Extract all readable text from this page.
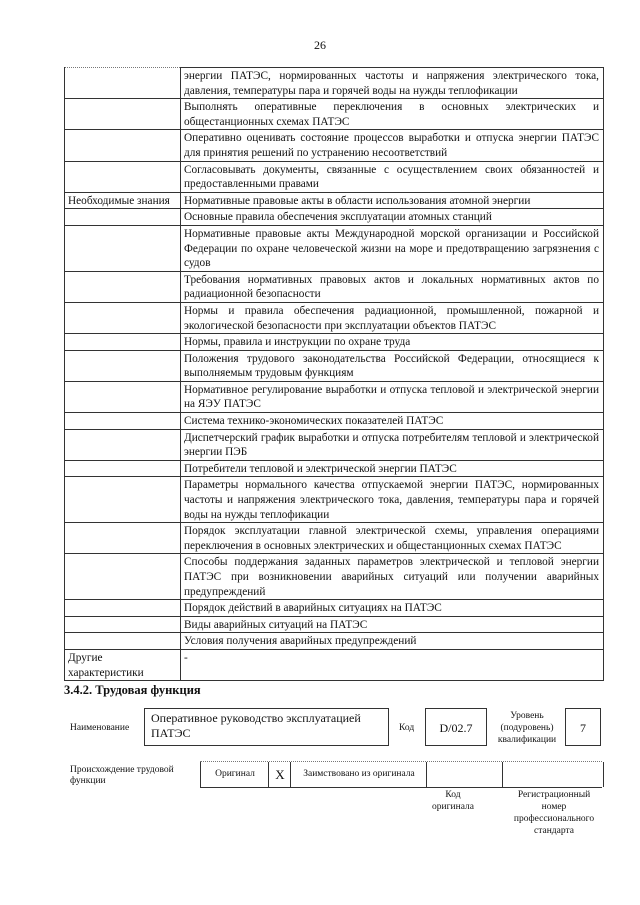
26
	энергии ПАТЭС, нормированных частоты и напряжения электрического тока, давления, температуры пара и горячей воды на нужды теплофикации
	Выполнять оперативные переключения в основных электрических и общестанционных схемах ПАТЭС
	Оперативно оценивать состояние процессов выработки и отпуска энергии ПАТЭС для принятия решений по устранению несоответствий
	Согласовывать документы, связанные с осуществлением своих обязанностей и предоставленными правами
Необходимые знания	Нормативные правовые акты в области использования атомной энергии
	Основные правила обеспечения эксплуатации атомных станций
	Нормативные правовые акты Международной морской организации и Российской Федерации по охране человеческой жизни на море и предотвращению загрязнения с судов
	Требования нормативных правовых актов и локальных нормативных актов по радиационной безопасности
	Нормы и правила обеспечения радиационной, промышленной, пожарной и экологической безопасности при эксплуатации объектов ПАТЭС
	Нормы, правила и инструкции по охране труда
	Положения трудового законодательства Российской Федерации, относящиеся к выполняемым трудовым функциям
	Нормативное регулирование выработки и отпуска тепловой и электрической энергии на ЯЭУ ПАТЭС
	Система технико-экономических показателей ПАТЭС
	Диспетчерский график выработки и отпуска потребителям тепловой и электрической энергии ПЭБ
	Потребители тепловой и электрической энергии ПАТЭС
	Параметры нормального качества отпускаемой энергии ПАТЭС, нормированных частоты и напряжения электрического тока, давления, температуры пара и горячей воды на нужды теплофикации
	Порядок эксплуатации главной электрической схемы, управления операциями переключения в основных электрических и общестанционных схемах ПАТЭС
	Способы поддержания заданных параметров электрической и тепловой энергии ПАТЭС при возникновении аварийных ситуаций или получении аварийных предупреждений
	Порядок действий в аварийных ситуациях на ПАТЭС
	Виды аварийных ситуаций на ПАТЭС
	Условия получения аварийных предупреждений
Другие характеристики	-
3.4.2. Трудовая функция
Наименование
Оперативное руководство эксплуатацией ПАТЭС	Код	D/02.7
Уровень (подуровень) квалификации
7
Происхождение трудовой функции
Оригинал	X	Заимствовано из оригинала
Код оригинала
Регистрационный номер профессионального стандарта
